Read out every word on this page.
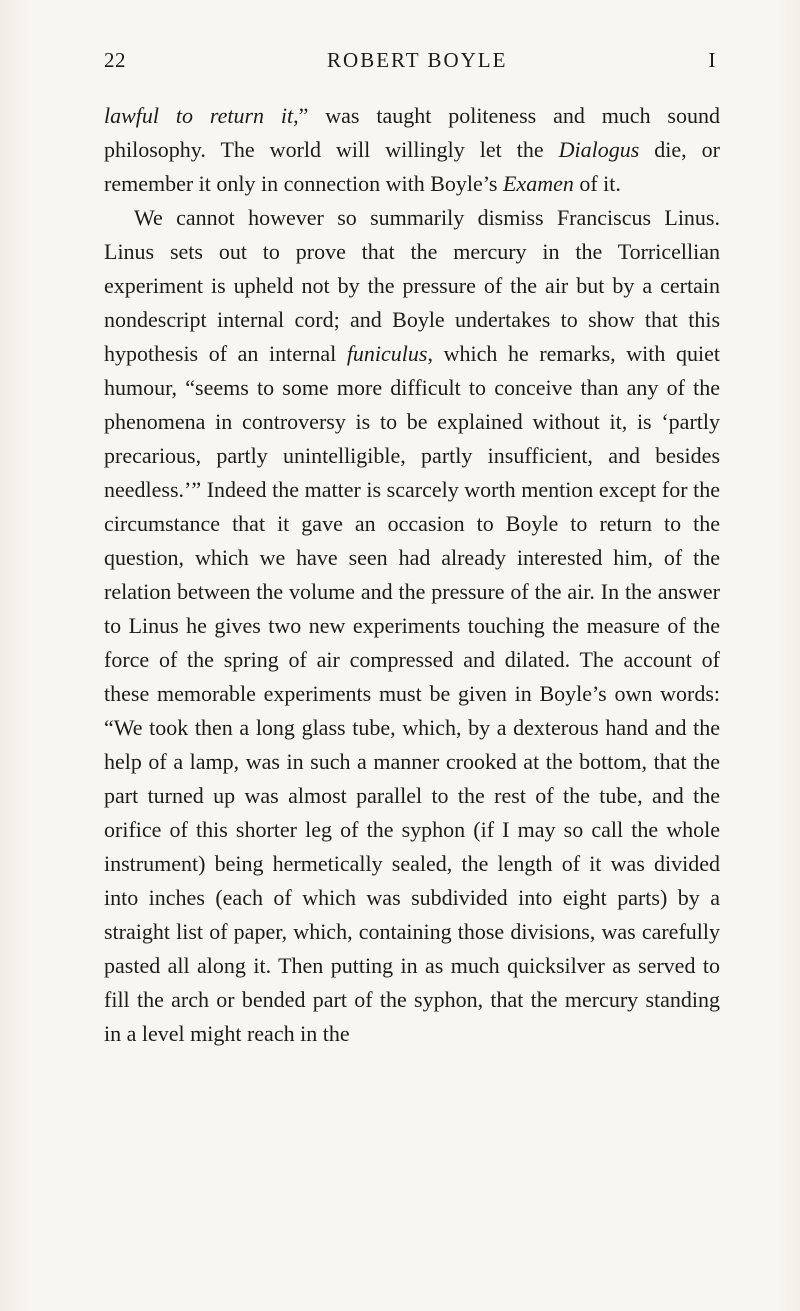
22	ROBERT BOYLE	I

lawful to return it,” was taught politeness and much sound philosophy. The world will willingly let the Dialogus die, or remember it only in connection with Boyle’s Examen of it.

We cannot however so summarily dismiss Franciscus Linus. Linus sets out to prove that the mercury in the Torricellian experiment is upheld not by the pressure of the air but by a certain nondescript internal cord; and Boyle undertakes to show that this hypothesis of an internal funiculus, which he remarks, with quiet humour, “seems to some more difficult to conceive than any of the phenomena in controversy is to be explained without it, is ‘partly precarious, partly unintelligible, partly insufficient, and besides needless.’” Indeed the matter is scarcely worth mention except for the circumstance that it gave an occasion to Boyle to return to the question, which we have seen had already interested him, of the relation between the volume and the pressure of the air. In the answer to Linus he gives two new experiments touching the measure of the force of the spring of air compressed and dilated. The account of these memorable experiments must be given in Boyle’s own words: “We took then a long glass tube, which, by a dexterous hand and the help of a lamp, was in such a manner crooked at the bottom, that the part turned up was almost parallel to the rest of the tube, and the orifice of this shorter leg of the syphon (if I may so call the whole instrument) being hermetically sealed, the length of it was divided into inches (each of which was subdivided into eight parts) by a straight list of paper, which, containing those divisions, was carefully pasted all along it. Then putting in as much quicksilver as served to fill the arch or bended part of the syphon, that the mercury standing in a level might reach in the
